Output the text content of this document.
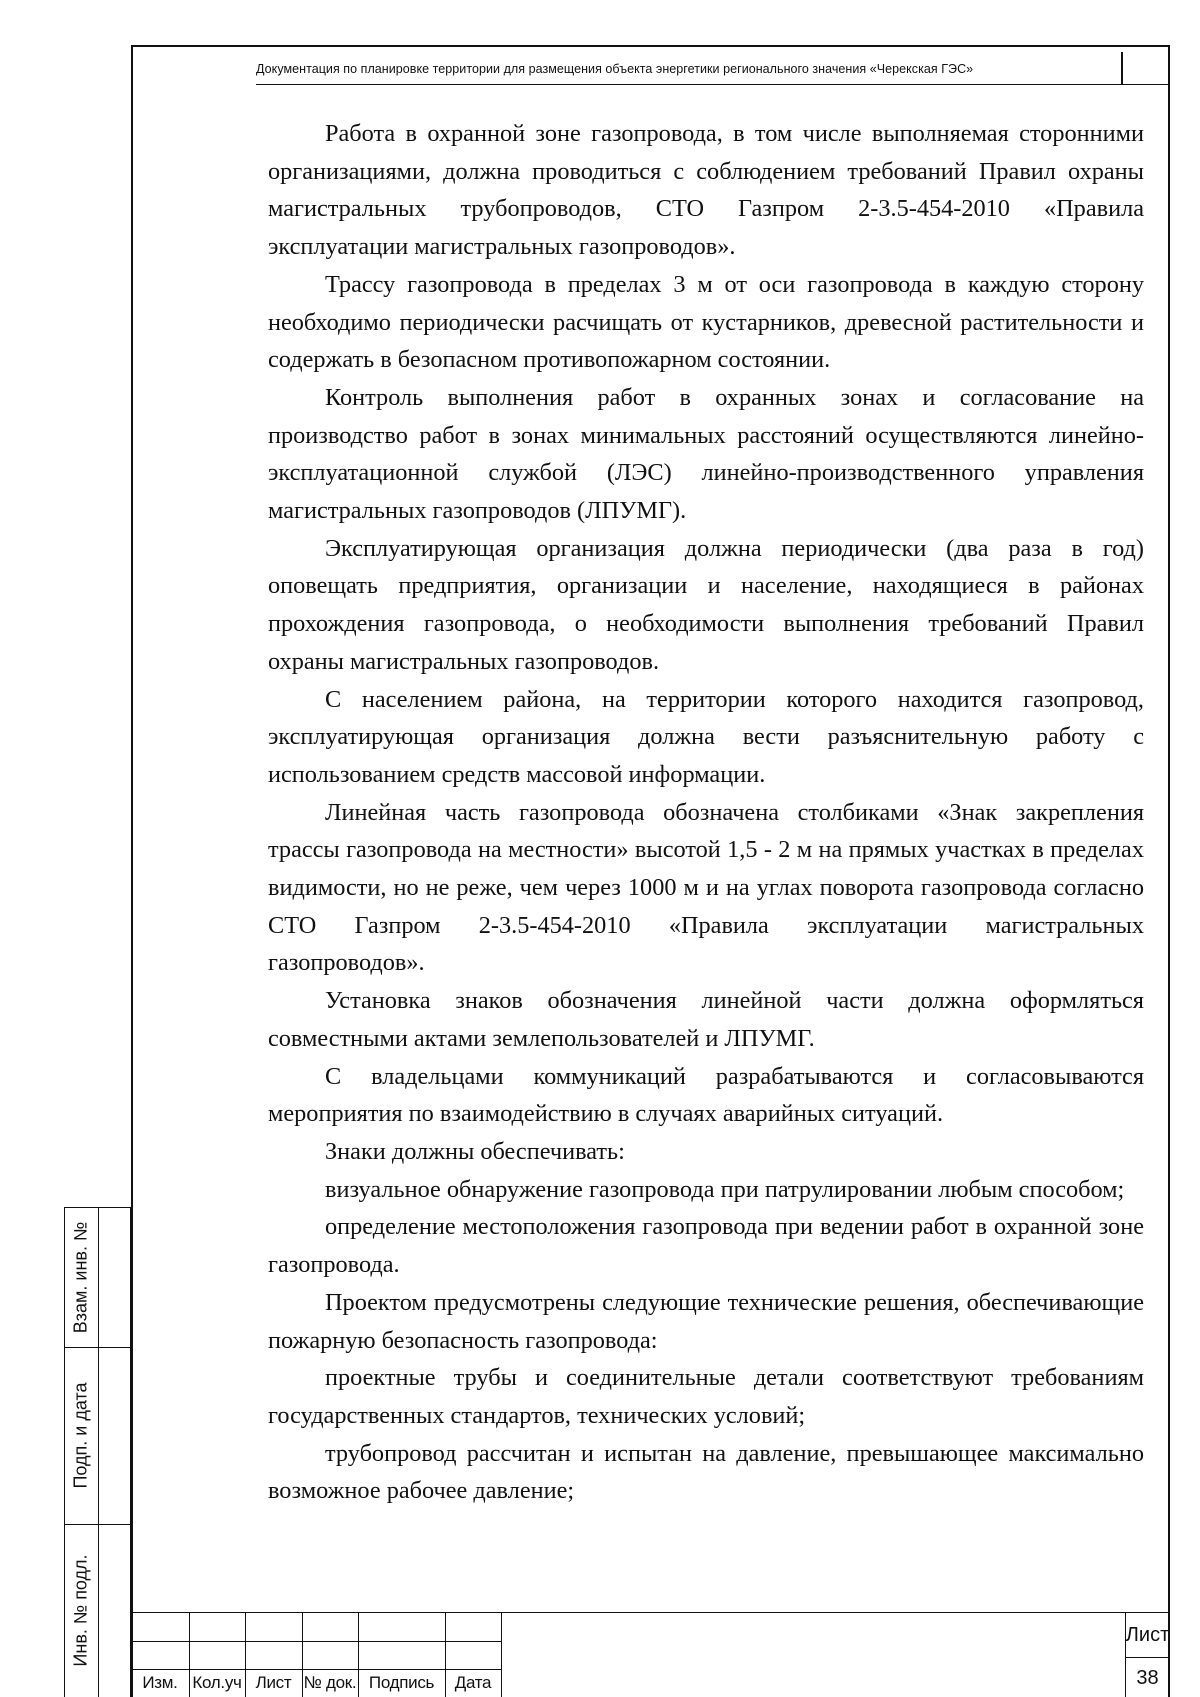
Документация по планировке территории для размещения объекта энергетики регионального значения «Черекская ГЭС»

Работа в охранной зоне газопровода, в том числе выполняемая сторонними организациями, должна проводиться с соблюдением требований Правил охраны магистральных трубопроводов, СТО Газпром 2-3.5-454-2010 «Правила эксплуатации магистральных газопроводов».

Трассу газопровода в пределах 3 м от оси газопровода в каждую сторону необходимо периодически расчищать от кустарников, древесной растительности и содержать в безопасном противопожарном состоянии.

Контроль выполнения работ в охранных зонах и согласование на производство работ в зонах минимальных расстояний осуществляются линейно-эксплуатационной службой (ЛЭС) линейно-производственного управления магистральных газопроводов (ЛПУМГ).

Эксплуатирующая организация должна периодически (два раза в год) оповещать предприятия, организации и население, находящиеся в районах прохождения газопровода, о необходимости выполнения требований Правил охраны магистральных газопроводов.

С населением района, на территории которого находится газопровод, эксплуатирующая организация должна вести разъяснительную работу с использованием средств массовой информации.

Линейная часть газопровода обозначена столбиками «Знак закрепления трассы газопровода на местности» высотой 1,5 - 2 м на прямых участках в пределах видимости, но не реже, чем через 1000 м и на углах поворота газопровода согласно СТО Газпром 2-3.5-454-2010 «Правила эксплуатации магистральных газопроводов».

Установка знаков обозначения линейной части должна оформляться совместными актами землепользователей и ЛПУМГ.

С владельцами коммуникаций разрабатываются и согласовываются мероприятия по взаимодействию в случаях аварийных ситуаций.

Знаки должны обеспечивать:

визуальное обнаружение газопровода при патрулировании любым способом;

определение местоположения газопровода при ведении работ в охранной зоне газопровода.

Проектом предусмотрены следующие технические решения, обеспечивающие пожарную безопасность газопровода:

проектные трубы и соединительные детали соответствуют требованиям государственных стандартов, технических условий;

трубопровод рассчитан и испытан на давление, превышающее максимально возможное рабочее давление;

Взам. инв. №
Подп. и дата
Инв. № подл.
Изм. Кол.уч Лист № док. Подпись	Дата
Лист
38
